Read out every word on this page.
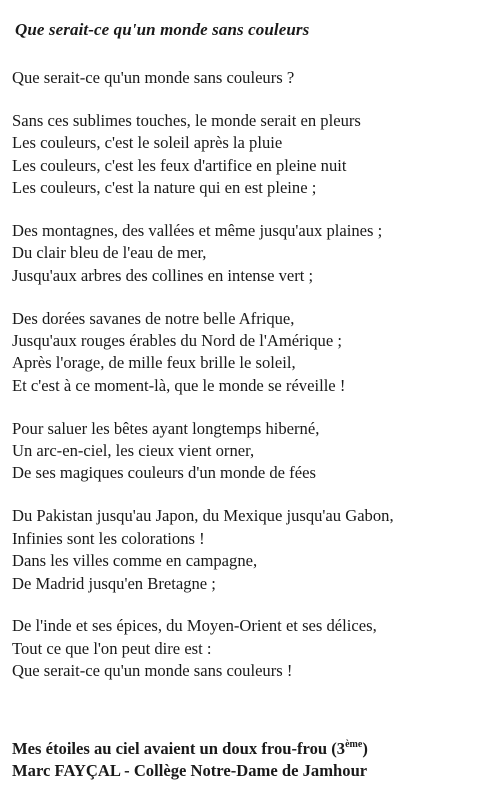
Que serait-ce qu'un monde sans couleurs
Que serait-ce qu'un monde sans couleurs ?
Sans ces sublimes touches, le monde serait en pleurs
Les couleurs, c'est le soleil après la pluie
Les couleurs, c'est les feux d'artifice en pleine nuit
Les couleurs, c'est la nature qui en est pleine ;
Des montagnes, des vallées et même jusqu'aux plaines ;
Du clair bleu de l'eau de mer,
Jusqu'aux arbres des collines en intense vert ;
Des dorées savanes de notre belle Afrique,
Jusqu'aux rouges érables du Nord de l'Amérique ;
Après l'orage, de mille feux brille le soleil,
Et c'est à ce moment-là, que le monde se réveille !
Pour saluer les bêtes ayant longtemps hiberné,
Un arc-en-ciel, les cieux vient orner,
De ses magiques couleurs d'un monde de fées
Du Pakistan jusqu'au Japon, du Mexique jusqu'au Gabon,
Infinies sont les colorations !
Dans les villes comme en campagne,
De Madrid jusqu'en Bretagne ;
De l'inde et ses épices, du Moyen-Orient et ses délices,
Tout ce que l'on peut dire est :
Que serait-ce qu'un monde sans couleurs !
Mes étoiles au ciel avaient un doux frou-frou (3ème)
Marc FAYÇAL - Collège Notre-Dame de Jamhour
